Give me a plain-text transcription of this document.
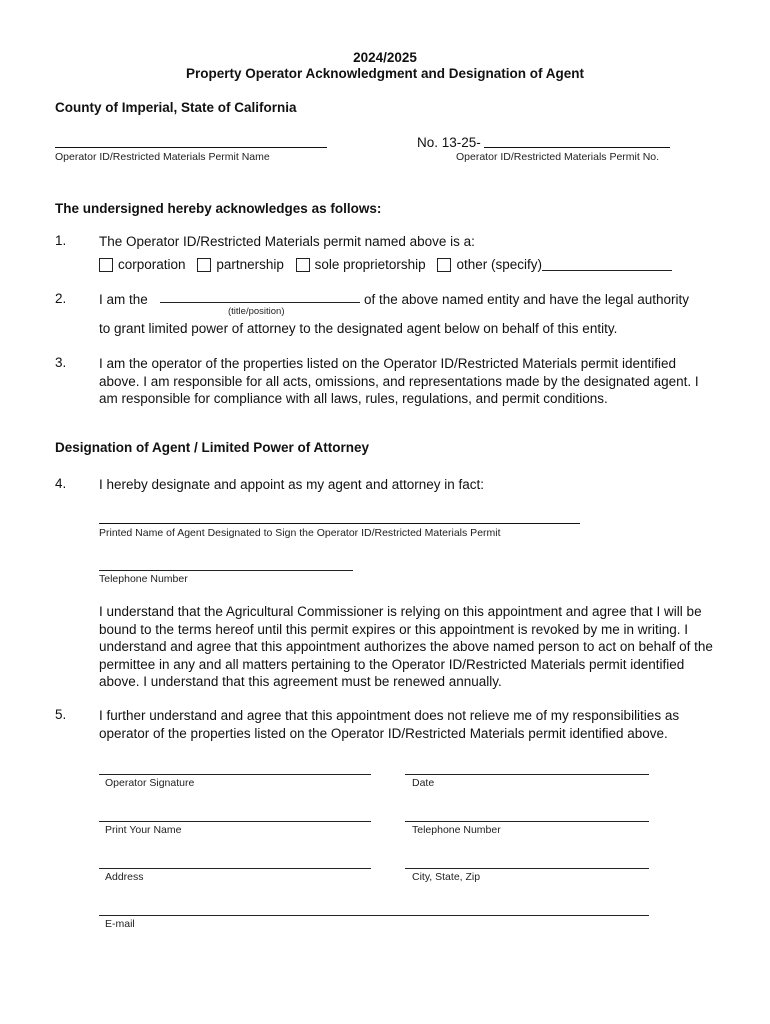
2024/2025
Property Operator Acknowledgment and Designation of Agent
County of Imperial, State of California
Operator ID/Restricted Materials Permit Name
No. 13-25-
Operator ID/Restricted Materials Permit No.
The undersigned hereby acknowledges as follows:
1. The Operator ID/Restricted Materials permit named above is a:
corporation
partnership
sole proprietorship
other (specify)
2. I am the	of the above named entity and have the legal authority
(title/position)
to grant limited power of attorney to the designated agent below on behalf of this entity.
3. I am the operator of the properties listed on the Operator ID/Restricted Materials permit identified above. I am responsible for all acts, omissions, and representations made by the designated agent. I am responsible for compliance with all laws, rules, regulations, and permit conditions.
Designation of Agent / Limited Power of Attorney
4. I hereby designate and appoint as my agent and attorney in fact:
Printed Name of Agent Designated to Sign the Operator ID/Restricted Materials Permit
Telephone Number
I understand that the Agricultural Commissioner is relying on this appointment and agree that I will be bound to the terms hereof until this permit expires or this appointment is revoked by me in writing. I understand and agree that this appointment authorizes the above named person to act on behalf of the permittee in any and all matters pertaining to the Operator ID/Restricted Materials permit identified above. I understand that this agreement must be renewed annually.
5. I further understand and agree that this appointment does not relieve me of my responsibilities as operator of the properties listed on the Operator ID/Restricted Materials permit identified above.
Operator Signature	Date
Print Your Name	Telephone Number
Address	City, State, Zip
E-mail
